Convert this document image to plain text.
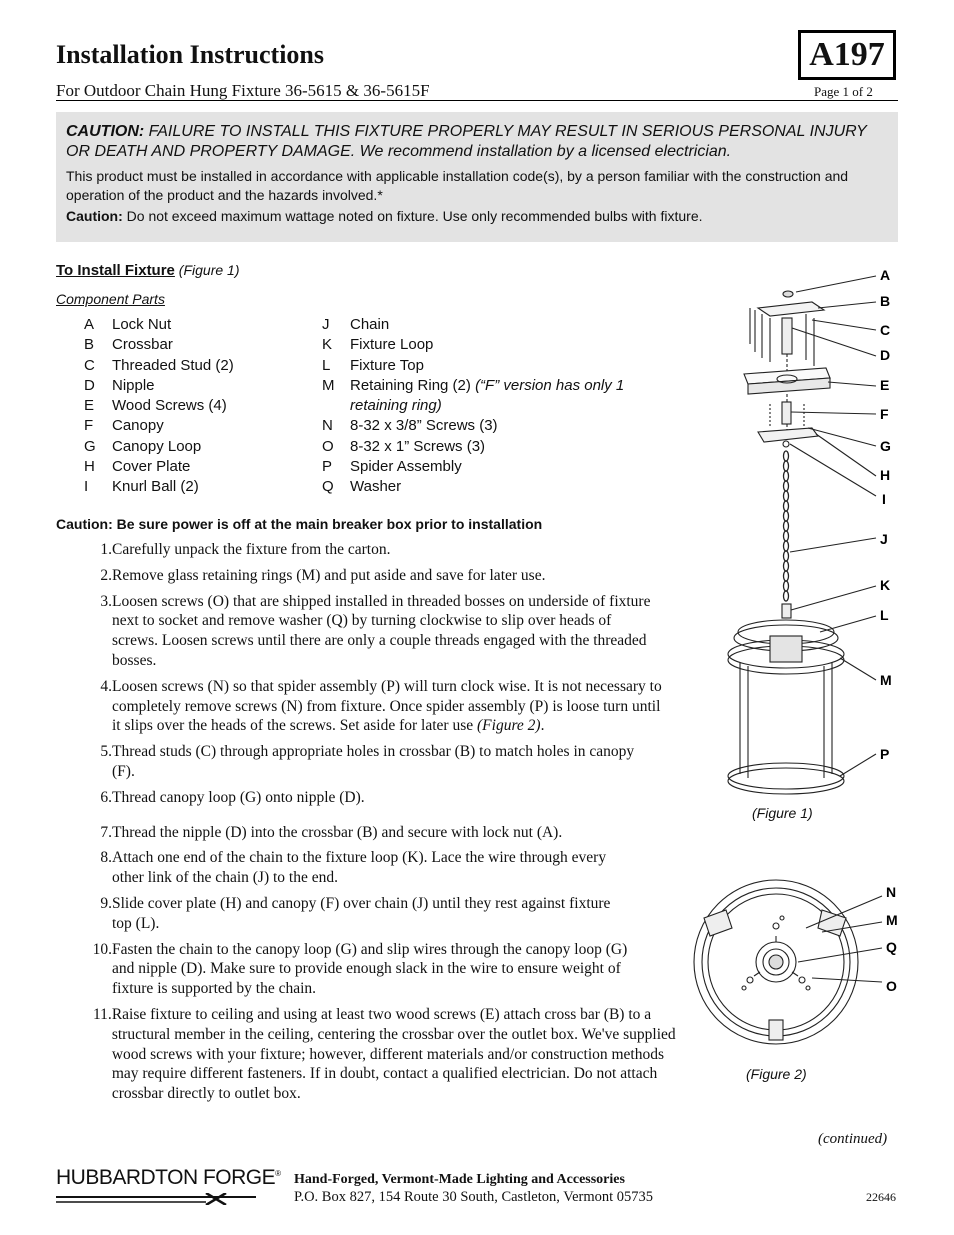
Installation Instructions	A197
For Outdoor Chain Hung Fixture 36-5615 & 36-5615F	Page 1 of 2
CAUTION: FAILURE TO INSTALL THIS FIXTURE PROPERLY MAY RESULT IN SERIOUS PERSONAL INJURY OR DEATH AND PROPERTY DAMAGE. We recommend installation by a licensed electrician.
This product must be installed in accordance with applicable installation code(s), by a person familiar with the construction and operation of the product and the hazards involved.*
Caution: Do not exceed maximum wattage noted on fixture. Use only recommended bulbs with fixture.
To Install Fixture (Figure 1)
Component Parts
A	Lock Nut
B	Crossbar
C	Threaded Stud (2)
D	Nipple
E	Wood Screws (4)
F	Canopy
G	Canopy Loop
H	Cover Plate
I	Knurl Ball (2)
J	Chain
K	Fixture Loop
L	Fixture Top
M	Retaining Ring (2) (“F” version has only 1 retaining ring)
N	8-32 x 3/8” Screws (3)
O	8-32 x 1” Screws (3)
P	Spider Assembly
Q	Washer
Caution: Be sure power is off at the main breaker box prior to installation
1. Carefully unpack the fixture from the carton.
2. Remove glass retaining rings (M) and put aside and save for later use.
3. Loosen screws (O) that are shipped installed in threaded bosses on underside of fixture next to socket and remove washer (Q) by turning clockwise to slip over heads of screws. Loosen screws until there are only a couple threads engaged with the threaded bosses.
4. Loosen screws (N) so that spider assembly (P) will turn clock wise. It is not necessary to completely remove screws (N) from fixture. Once spider assembly (P) is loose turn until it slips over the heads of the screws. Set aside for later use (Figure 2).
5. Thread studs (C) through appropriate holes in crossbar (B) to match holes in canopy (F).
6. Thread canopy loop (G) onto nipple (D).
7. Thread the nipple (D) into the crossbar (B) and secure with lock nut (A).
8. Attach one end of the chain to the fixture loop (K). Lace the wire through every other link of the chain (J) to the end.
9. Slide cover plate (H) and canopy (F) over chain (J) until they rest against fixture top (L).
10. Fasten the chain to the canopy loop (G) and slip wires through the canopy loop (G) and nipple (D). Make sure to provide enough slack in the wire to ensure weight of fixture is supported by the chain.
11. Raise fixture to ceiling and using at least two wood screws (E) attach cross bar (B) to a structural member in the ceiling, centering the crossbar over the outlet box. We've supplied wood screws with your fixture; however, different materials and/or construction methods may require different fasteners. If in doubt, contact a qualified electrician. Do not attach crossbar directly to outlet box.
A
B
C
D
E
F
G
H
I
J
K
L
M
P
(Figure 1)
N
M
Q
O
(Figure 2)
(continued)
HUBBARDTON FORGE® Hand-Forged, Vermont-Made Lighting and Accessories
P.O. Box 827, 154 Route 30 South, Castleton, Vermont 05735	22646
